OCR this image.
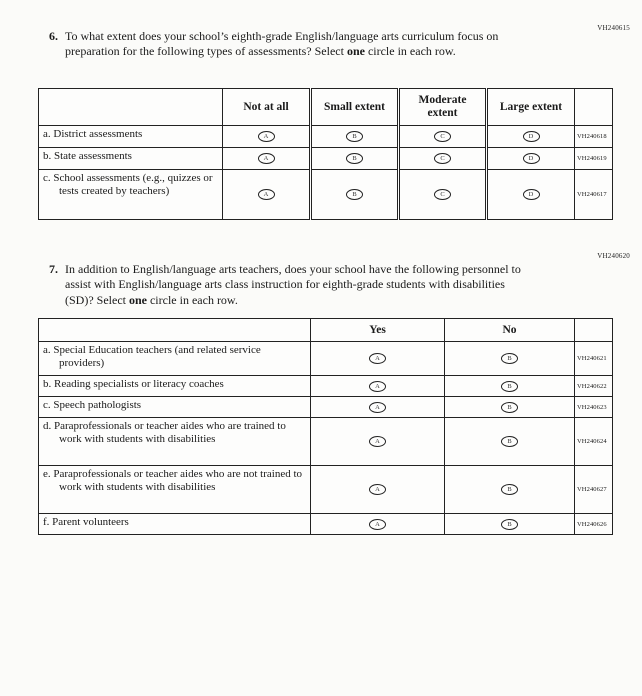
VH240615
VH240620
6. To what extent does your school’s eighth-grade English/language arts curriculum focus on preparation for the following types of assessments? Select one circle in each row.
	Not at all	Small extent	Moderate extent	Large extent	
a. District assessments	A	B	C	D	VH240618
b. State assessments	A	B	C	D	VH240619
c. School assessments (e.g., quizzes or tests created by teachers)	A	B	C	D	VH240617
7. In addition to English/language arts teachers, does your school have the following personnel to assist with English/language arts class instruction for eighth-grade students with disabilities (SD)? Select one circle in each row.
	Yes	No	
a. Special Education teachers (and related service providers)	A	B	VH240621
b. Reading specialists or literacy coaches	A	B	VH240622
c. Speech pathologists	A	B	VH240623
d. Paraprofessionals or teacher aides who are trained to work with students with disabilities	A	B	VH240624
e. Paraprofessionals or teacher aides who are not trained to work with students with disabilities	A	B	VH240627
f. Parent volunteers	A	B	VH240626
